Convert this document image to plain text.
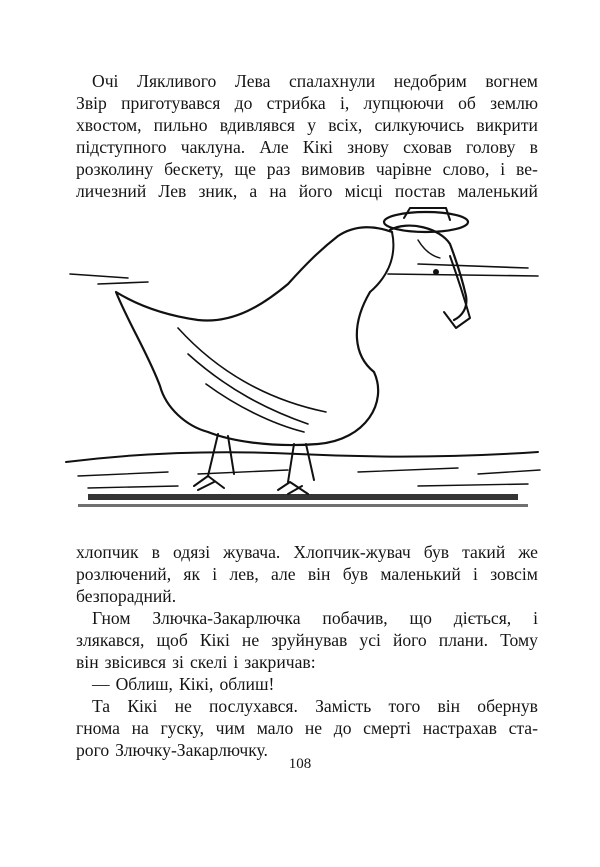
Очі Лякливого Лева спалахнули недобрим вогнем
Звір приготувався до стрибка і, лупцюючи об землю
хвостом, пильно вдивлявся у всіх, силкуючись викрити
підступного чаклуна. Але Кікі знову сховав голову в
розколину бескету, ще раз вимовив чарівне слово, і ве-
личезний Лев зник, а на його місці постав маленький
хлопчик в одязі жувача. Хлопчик-жувач був такий же
розлючений, як і лев, але він був маленький і зовсім
безпорадний.
Гном Злючка-Закарлючка побачив, що діється, і
злякався, щоб Кікі не зруйнував усі його плани. Тому
він звісився зі скелі і закричав:
— Облиш, Кікі, облиш!
Та Кікі не послухався. Замість того він обернув
гнома на гуску, чим мало не до смерті настрахав ста-
рого Злючку-Закарлючку.
108
